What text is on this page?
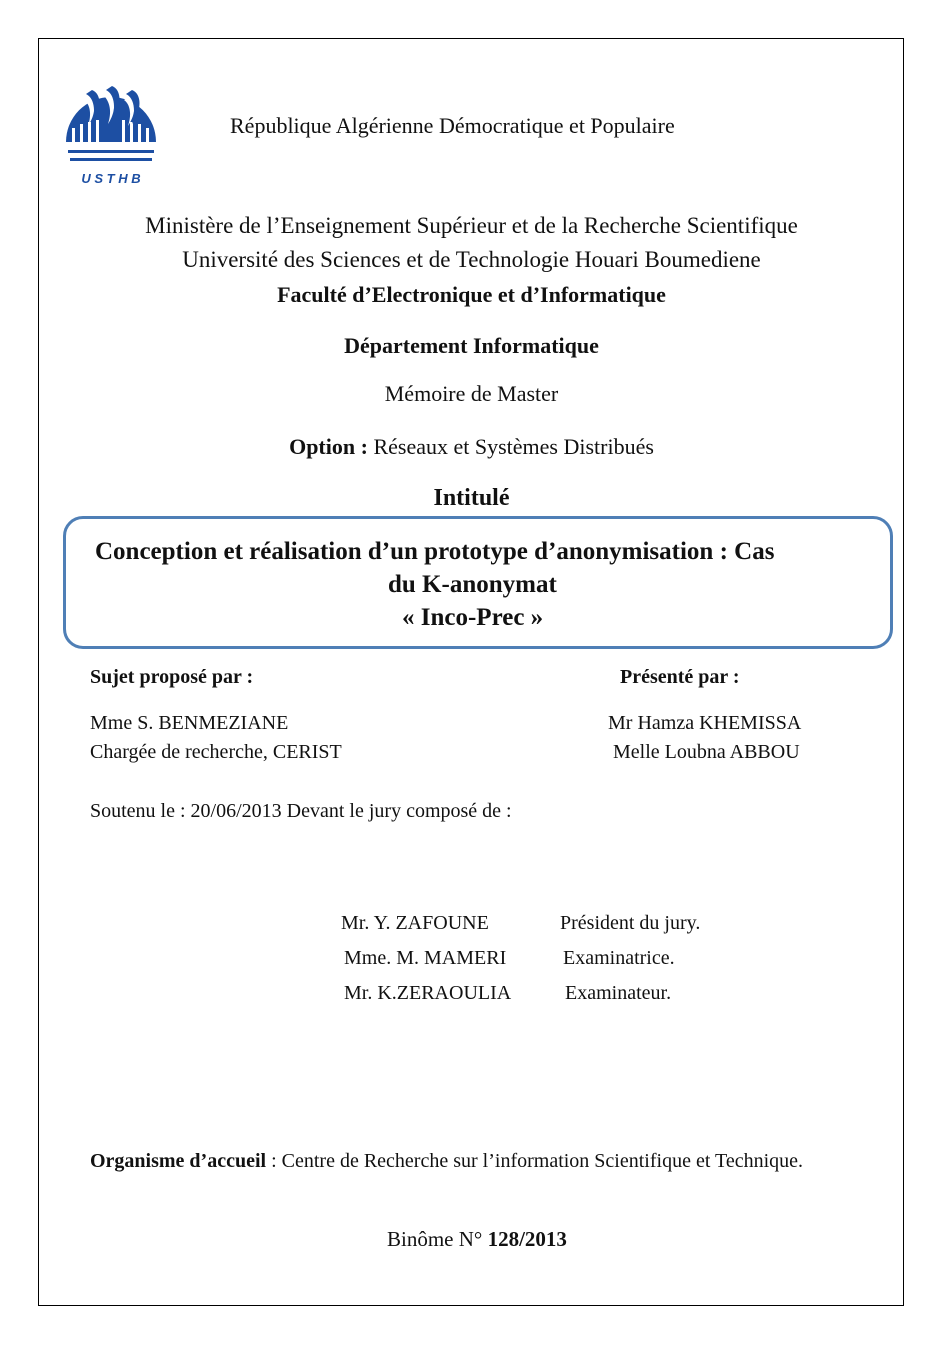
U S T H B
République Algérienne Démocratique et Populaire
Ministère de l’Enseignement Supérieur et de la Recherche Scientifique
Université des Sciences et de Technologie Houari Boumediene
Faculté d’Electronique et d’Informatique
Département Informatique
Mémoire de Master
Option : Réseaux et Systèmes Distribués
Intitulé
Conception et réalisation d’un prototype d’anonymisation : Cas
du K-anonymat
« Inco-Prec »
Sujet proposé par :	Présenté par :
Mme S. BENMEZIANE
Chargée de recherche, CERIST
Mr Hamza KHEMISSA
Melle Loubna ABBOU
Soutenu le : 20/06/2013 Devant le jury composé de :
Mr. Y. ZAFOUNE	Président du jury.
Mme. M. MAMERI	Examinatrice.
Mr. K.ZERAOULIA	Examinateur.
Organisme d’accueil : Centre de Recherche sur l’information Scientifique et Technique.
Binôme N° 128/2013
